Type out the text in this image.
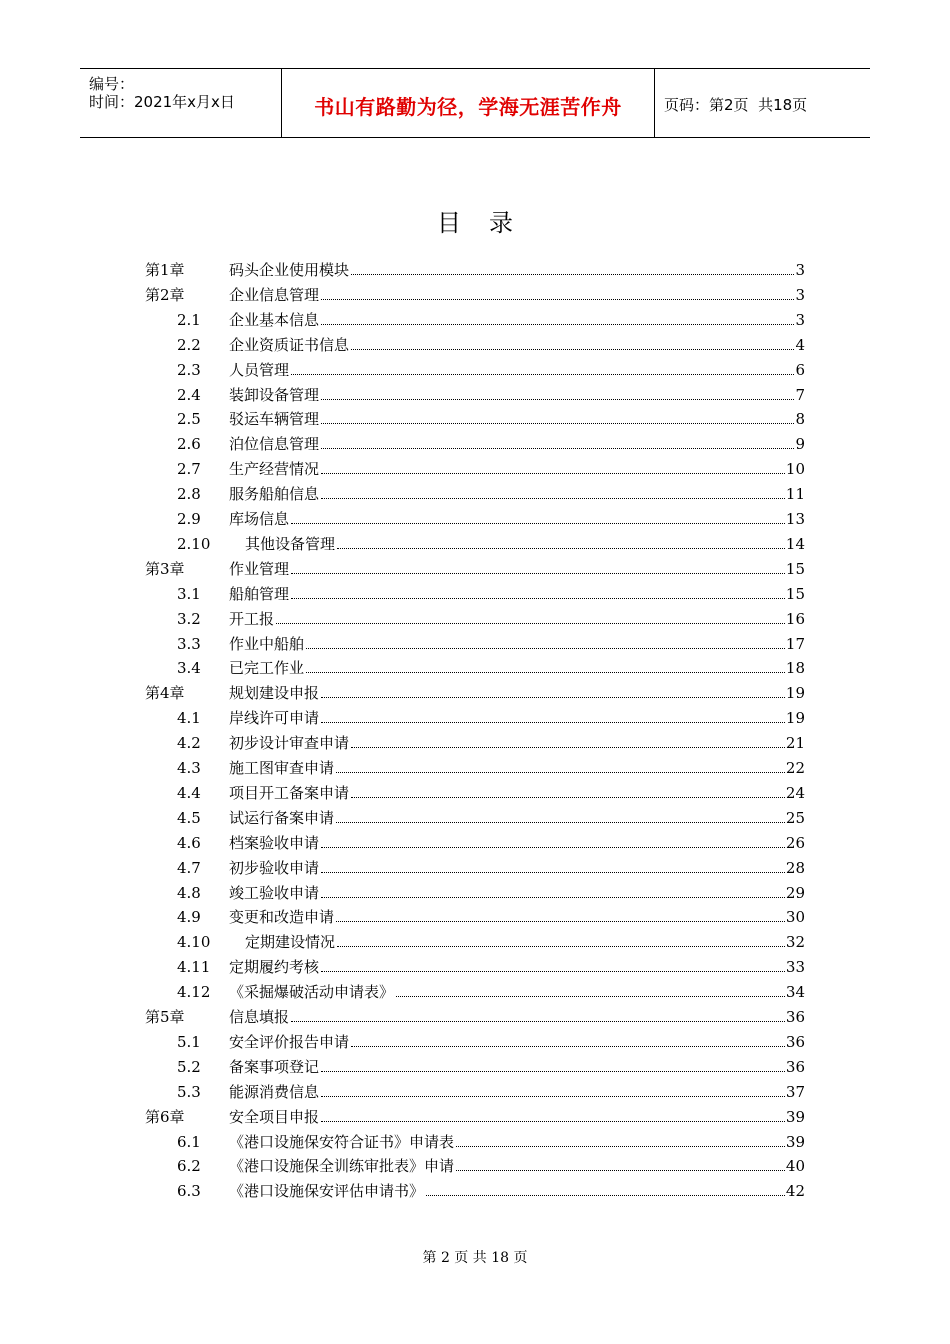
编号：
时间：2021年x月x日	书山有路勤为径，学海无涯苦作舟	页码：第2页  共18页
目录
第1章	码头企业使用模块	3
第2章	企业信息管理	3
2.1 企业基本信息	3
2.2 企业资质证书信息	4
2.3 人员管理	6
2.4 装卸设备管理	7
2.5 驳运车辆管理	8
2.6 泊位信息管理	9
2.7 生产经营情况	10
2.8 服务船舶信息	11
2.9 库场信息	13
2.10 其他设备管理	14
第3章	作业管理	15
3.1 船舶管理	15
3.2 开工报	16
3.3 作业中船舶	17
3.4 已完工作业	18
第4章	规划建设申报	19
4.1 岸线许可申请	19
4.2 初步设计审查申请	21
4.3 施工图审查申请	22
4.4 项目开工备案申请	24
4.5 试运行备案申请	25
4.6 档案验收申请	26
4.7 初步验收申请	28
4.8 竣工验收申请	29
4.9 变更和改造申请	30
4.10 定期建设情况	32
4.11 定期履约考核	33
4.12 《采掘爆破活动申请表》	34
第5章	信息填报	36
5.1 安全评价报告申请	36
5.2 备案事项登记	36
5.3 能源消费信息	37
第6章	安全项目申报	39
6.1 《港口设施保安符合证书》申请表	39
6.2 《港口设施保全训练审批表》申请	40
6.3 《港口设施保安评估申请书》	42
第 2 页 共 18 页
